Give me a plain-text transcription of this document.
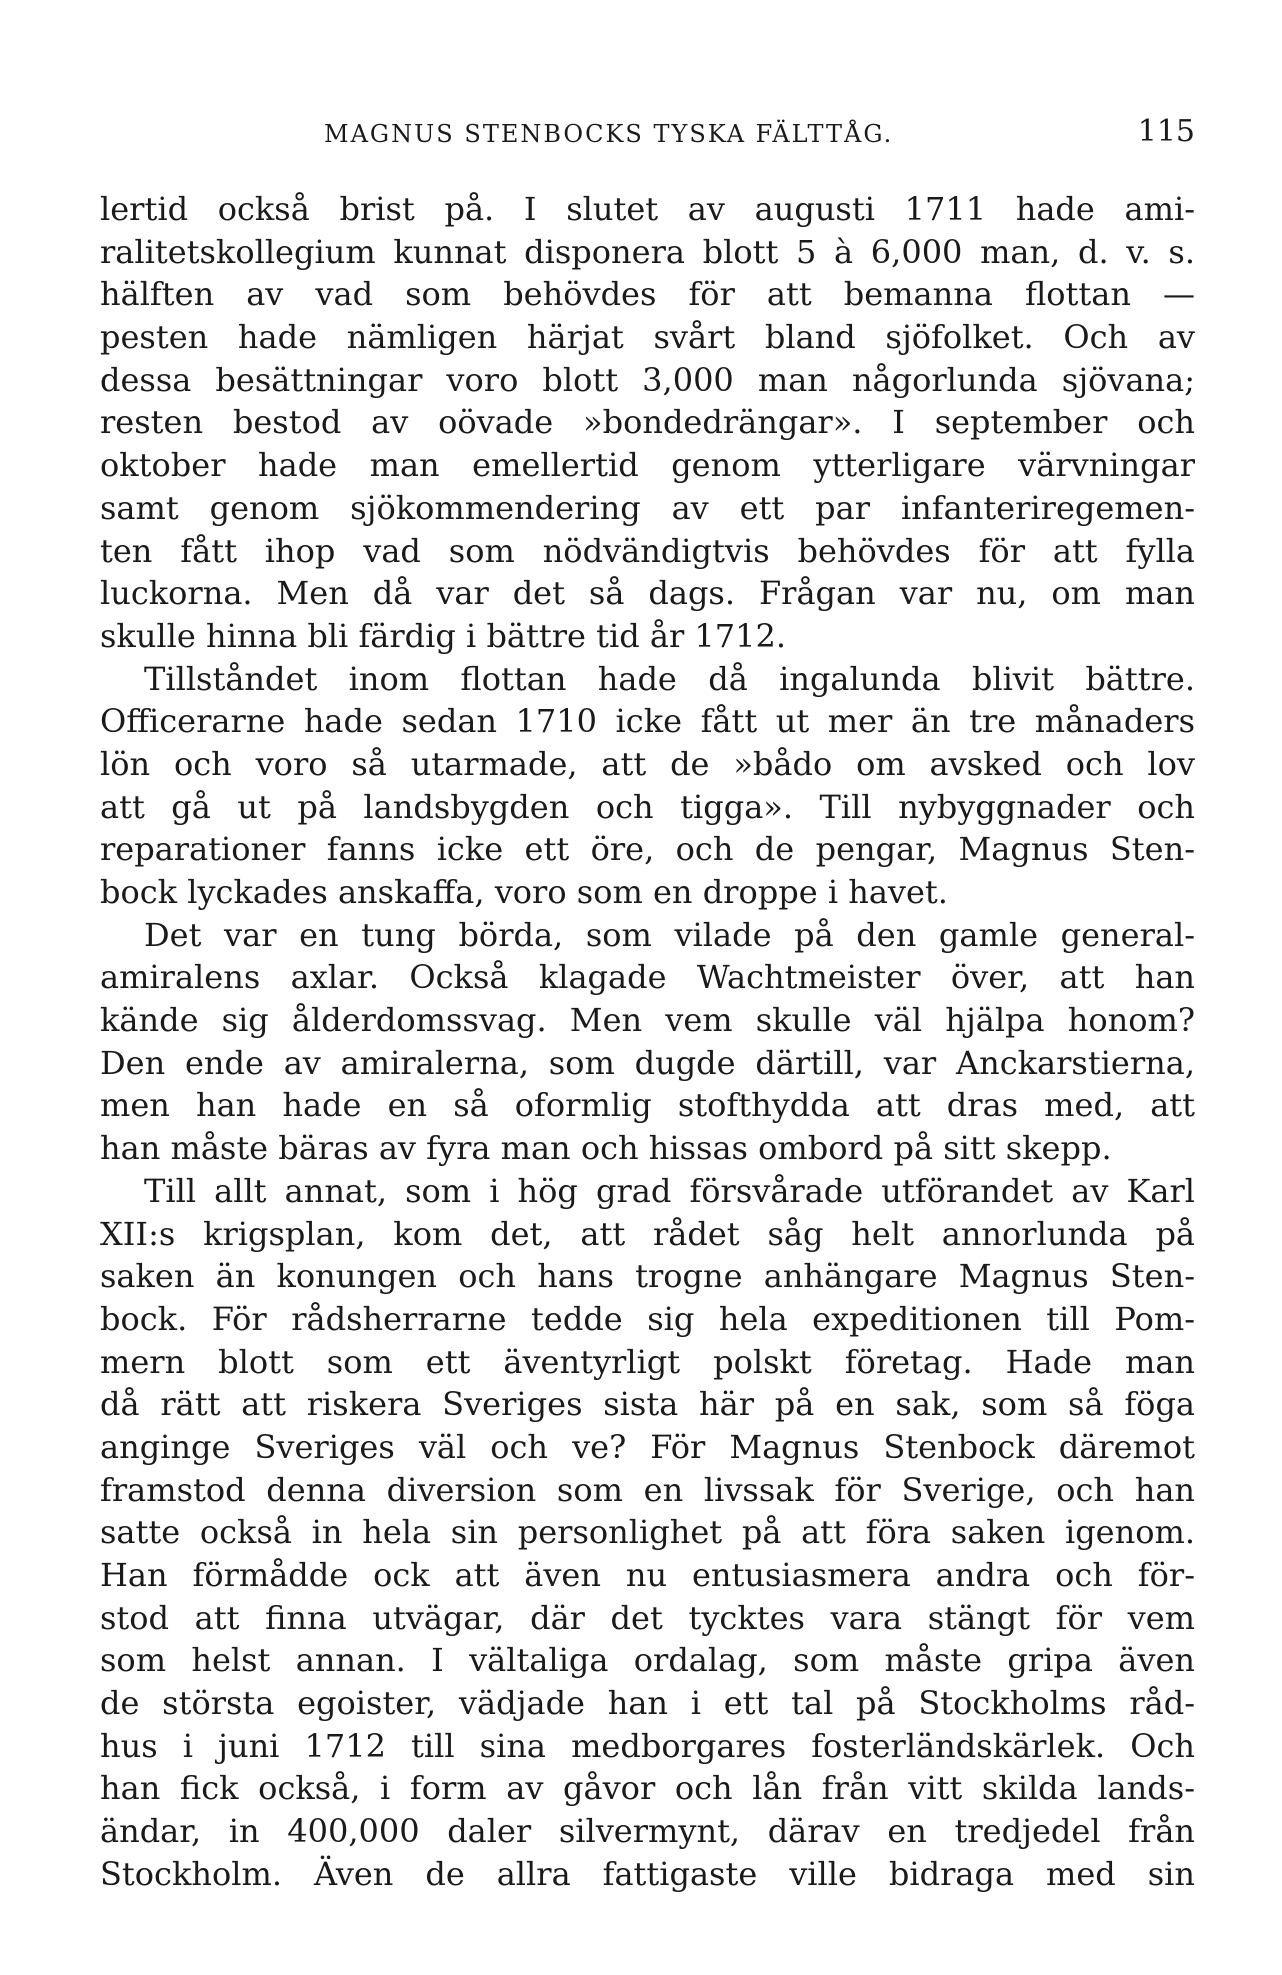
MAGNUS STENBOCKS TYSKA FÄLTTÅG.	115
lertid också brist på. I slutet av augusti 1711 hade ami-
ralitetskollegium kunnat disponera blott 5 à 6,000 man, d. v. s.
hälften av vad som behövdes för att bemanna flottan —
pesten hade nämligen härjat svårt bland sjöfolket. Och av
dessa besättningar voro blott 3,000 man någorlunda sjövana;
resten bestod av oövade »bondedrängar». I september och
oktober hade man emellertid genom ytterligare värvningar
samt genom sjökommendering av ett par infanteriregemen-
ten fått ihop vad som nödvändigtvis behövdes för att fylla
luckorna. Men då var det så dags. Frågan var nu, om man
skulle hinna bli färdig i bättre tid år 1712.
Tillståndet inom flottan hade då ingalunda blivit bättre.
Officerarne hade sedan 1710 icke fått ut mer än tre månaders
lön och voro så utarmade, att de »bådo om avsked och lov
att gå ut på landsbygden och tigga». Till nybyggnader och
reparationer fanns icke ett öre, och de pengar, Magnus Sten-
bock lyckades anskaffa, voro som en droppe i havet.
Det var en tung börda, som vilade på den gamle general-
amiralens axlar. Också klagade Wachtmeister över, att han
kände sig ålderdomssvag. Men vem skulle väl hjälpa honom?
Den ende av amiralerna, som dugde därtill, var Anckarstierna,
men han hade en så oformlig stofthydda att dras med, att
han måste bäras av fyra man och hissas ombord på sitt skepp.
Till allt annat, som i hög grad försvårade utförandet av Karl
XII:s krigsplan, kom det, att rådet såg helt annorlunda på
saken än konungen och hans trogne anhängare Magnus Sten-
bock. För rådsherrarne tedde sig hela expeditionen till Pom-
mern blott som ett äventyrligt polskt företag. Hade man
då rätt att riskera Sveriges sista här på en sak, som så föga
anginge Sveriges väl och ve? För Magnus Stenbock däremot
framstod denna diversion som en livssak för Sverige, och han
satte också in hela sin personlighet på att föra saken igenom.
Han förmådde ock att även nu entusiasmera andra och för-
stod att finna utvägar, där det tycktes vara stängt för vem
som helst annan. I vältaliga ordalag, som måste gripa även
de största egoister, vädjade han i ett tal på Stockholms råd-
hus i juni 1712 till sina medborgares fosterländskärlek. Och
han fick också, i form av gåvor och lån från vitt skilda lands-
ändar, in 400,000 daler silvermynt, därav en tredjedel från
Stockholm. Även de allra fattigaste ville bidraga med sin
